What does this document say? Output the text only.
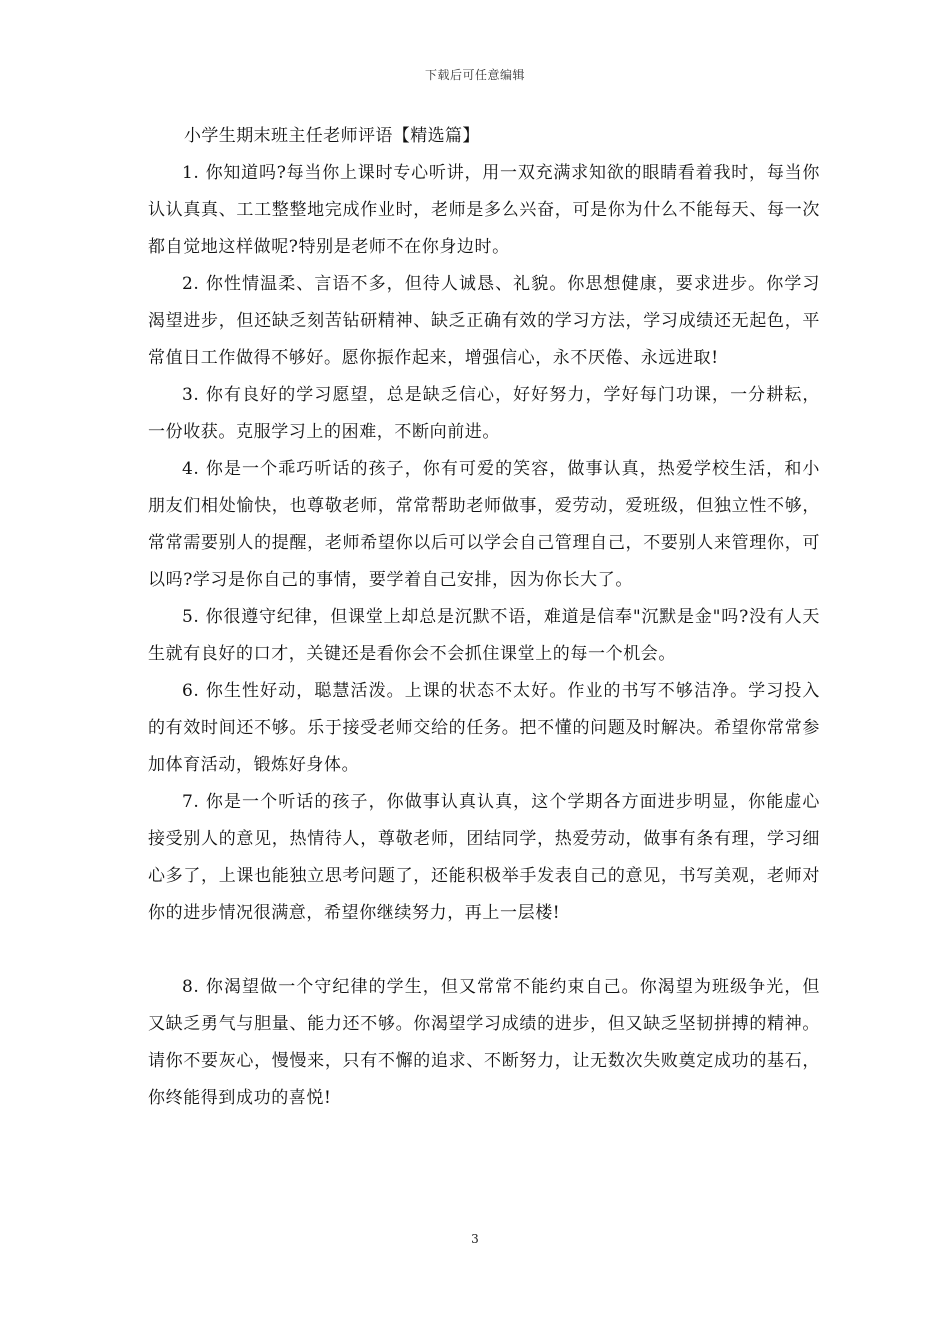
下载后可任意编辑
小学生期末班主任老师评语【精选篇】

1. 你知道吗?每当你上课时专心听讲，用一双充满求知欲的眼睛看着我时，每当你认认真真、工工整整地完成作业时，老师是多么兴奋，可是你为什么不能每天、每一次都自觉地这样做呢?特别是老师不在你身边时。

2. 你性情温柔、言语不多，但待人诚恳、礼貌。你思想健康，要求进步。你学习渴望进步，但还缺乏刻苦钻研精神、缺乏正确有效的学习方法，学习成绩还无起色，平常值日工作做得不够好。愿你振作起来，增强信心，永不厌倦、永远进取!

3. 你有良好的学习愿望，总是缺乏信心，好好努力，学好每门功课，一分耕耘，一份收获。克服学习上的困难，不断向前进。

4. 你是一个乖巧听话的孩子，你有可爱的笑容，做事认真，热爱学校生活，和小朋友们相处愉快，也尊敬老师，常常帮助老师做事，爱劳动，爱班级，但独立性不够，常常需要别人的提醒，老师希望你以后可以学会自己管理自己，不要别人来管理你，可以吗?学习是你自己的事情，要学着自己安排，因为你长大了。

5. 你很遵守纪律，但课堂上却总是沉默不语，难道是信奉"沉默是金"吗?没有人天生就有良好的口才，关键还是看你会不会抓住课堂上的每一个机会。

6. 你生性好动，聪慧活泼。上课的状态不太好。作业的书写不够洁净。学习投入的有效时间还不够。乐于接受老师交给的任务。把不懂的问题及时解决。希望你常常参加体育活动，锻炼好身体。

7. 你是一个听话的孩子，你做事认真认真，这个学期各方面进步明显，你能虚心接受别人的意见，热情待人，尊敬老师，团结同学，热爱劳动，做事有条有理，学习细心多了，上课也能独立思考问题了，还能积极举手发表自己的意见，书写美观，老师对你的进步情况很满意，希望你继续努力，再上一层楼!

8. 你渴望做一个守纪律的学生，但又常常不能约束自己。你渴望为班级争光，但又缺乏勇气与胆量、能力还不够。你渴望学习成绩的进步，但又缺乏坚韧拼搏的精神。请你不要灰心，慢慢来，只有不懈的追求、不断努力，让无数次失败奠定成功的基石，你终能得到成功的喜悦!

3
